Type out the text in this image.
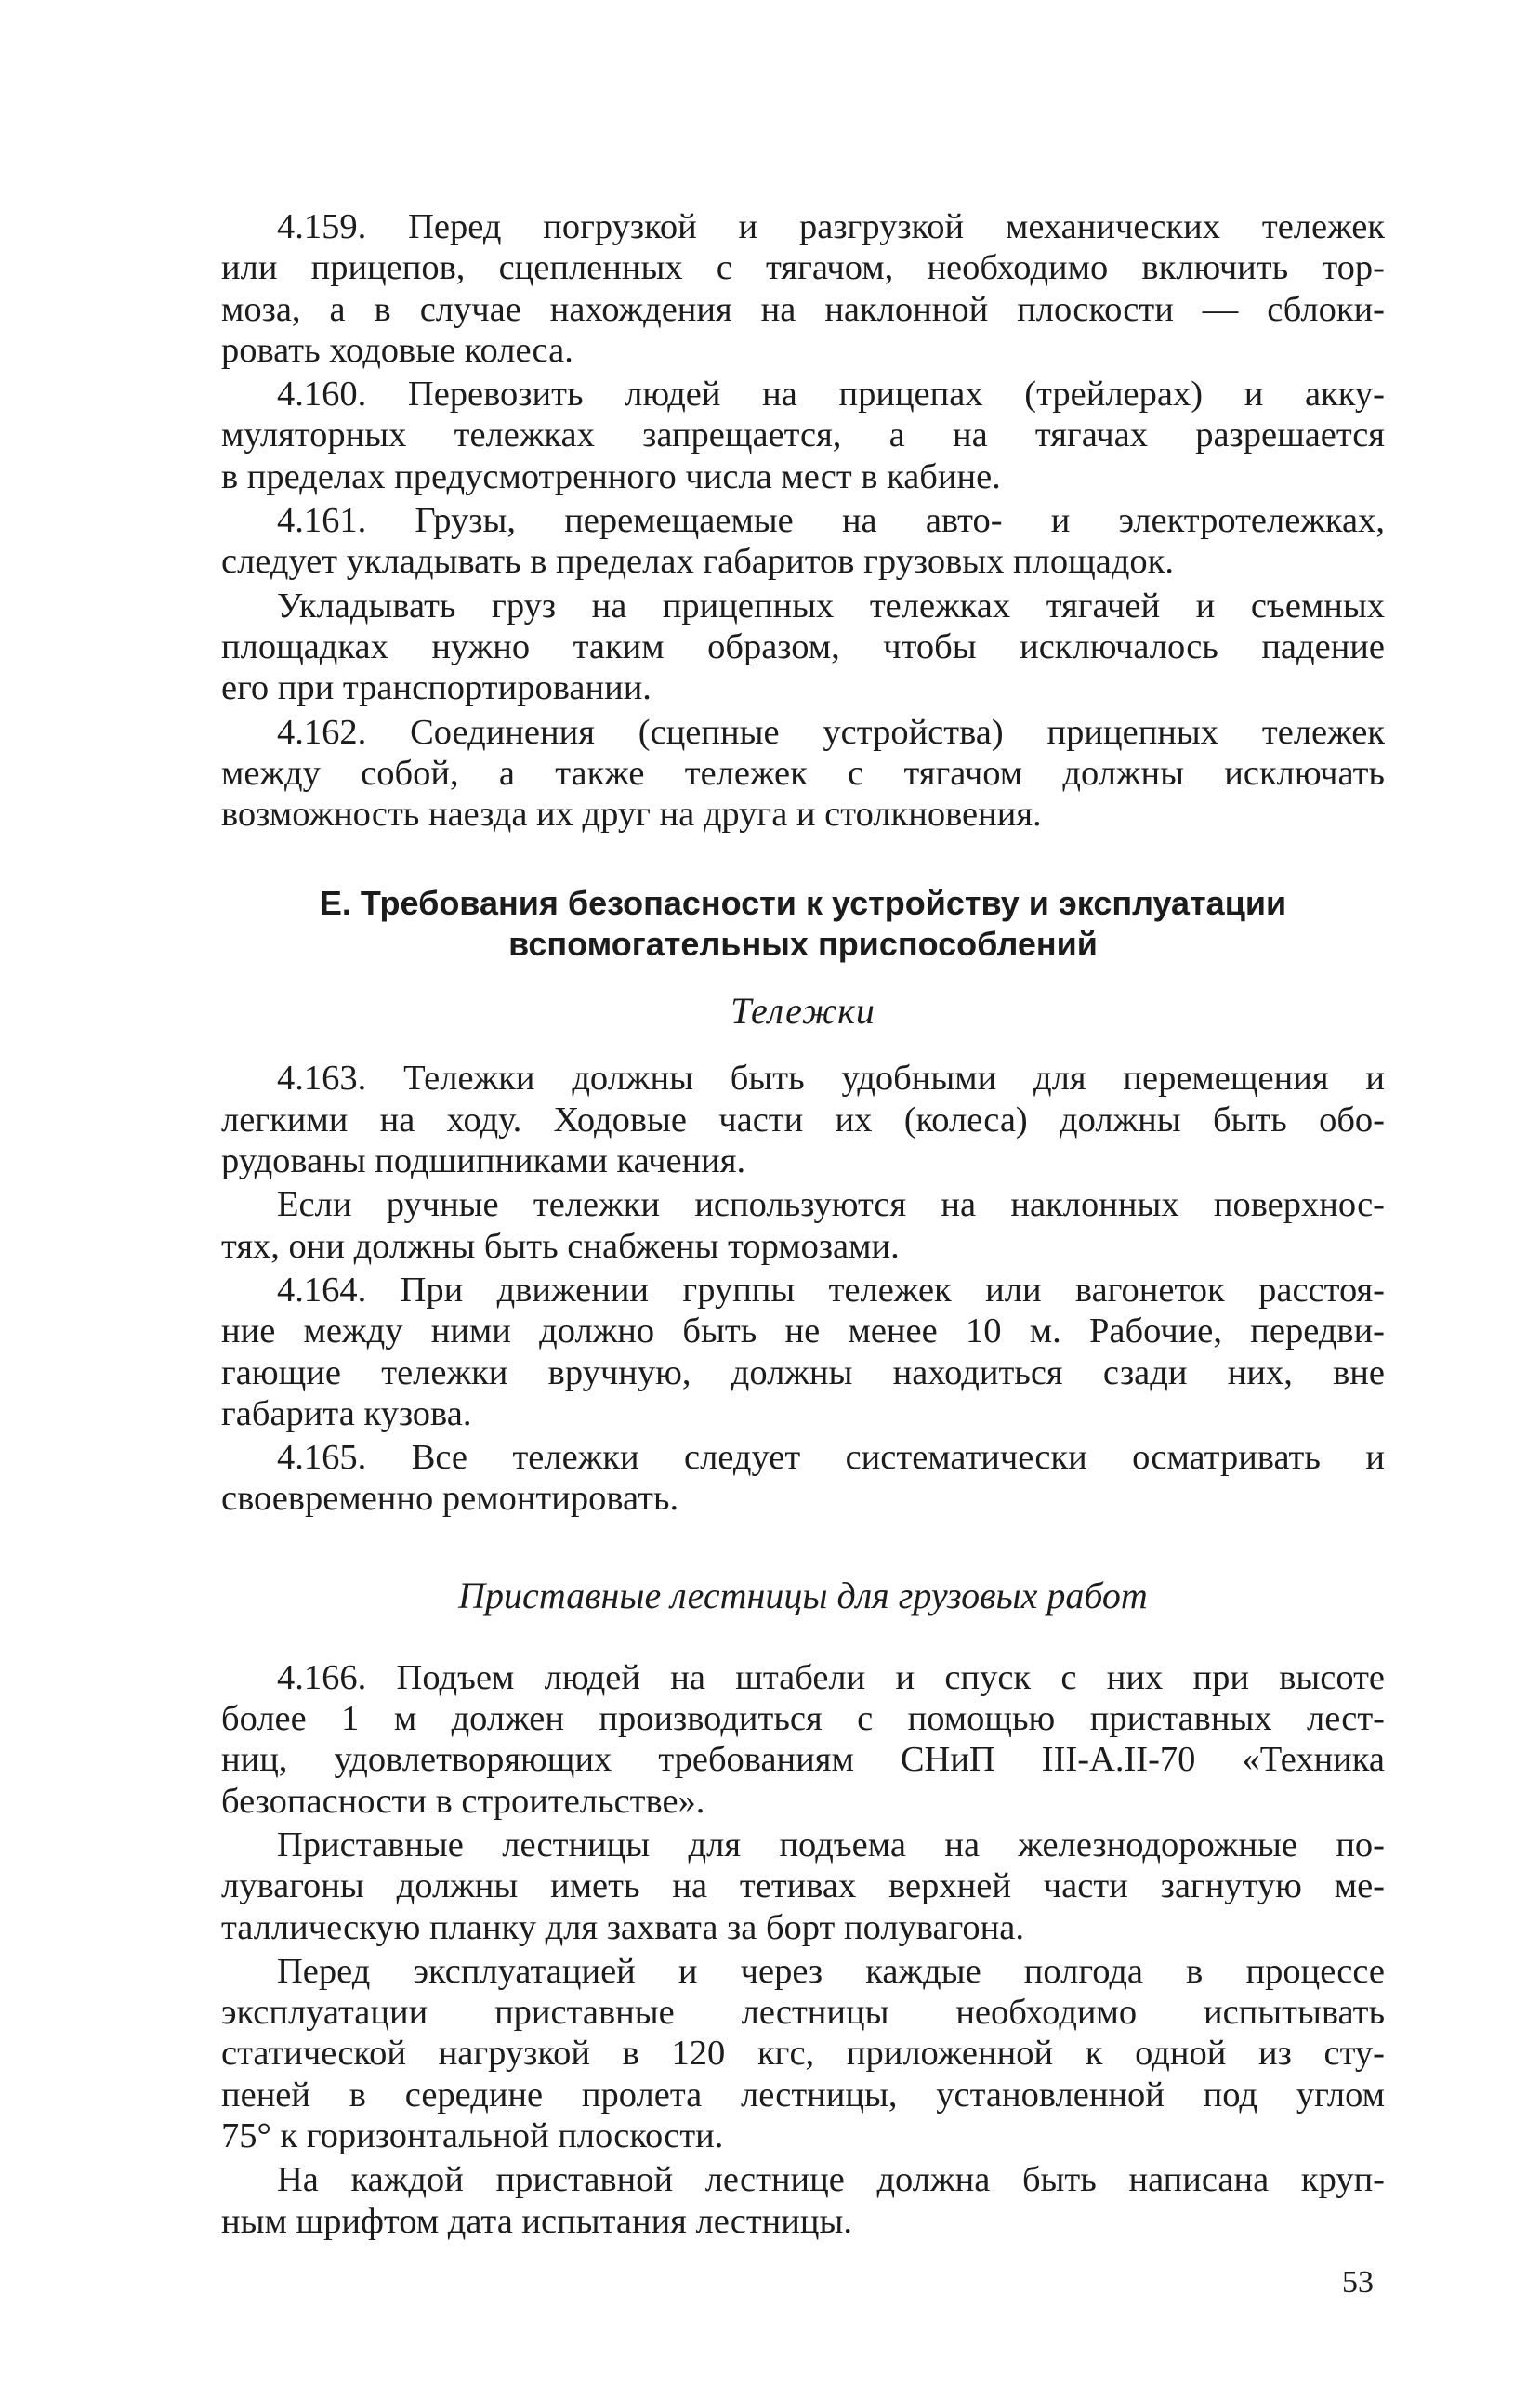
4.159. Перед погрузкой и разгрузкой механических тележек
или прицепов, сцепленных с тягачом, необходимо включить тор-
моза, а в случае нахождения на наклонной плоскости — сблоки-
ровать ходовые колеса.
4.160. Перевозить людей на прицепах (трейлерах) и акку-
муляторных тележках запрещается, а на тягачах разрешается
в пределах предусмотренного числа мест в кабине.
4.161. Грузы, перемещаемые на авто- и электротележках,
следует укладывать в пределах габаритов грузовых площадок.
Укладывать груз на прицепных тележках тягачей и съемных
площадках нужно таким образом, чтобы исключалось падение
его при транспортировании.
4.162. Соединения (сцепные устройства) прицепных тележек
между собой, а также тележек с тягачом должны исключать
возможность наезда их друг на друга и столкновения.
Е. Требования безопасности к устройству и эксплуатации
вспомогательных приспособлений
Тележки
4.163. Тележки должны быть удобными для перемещения и
легкими на ходу. Ходовые части их (колеса) должны быть обо-
рудованы подшипниками качения.
Если ручные тележки используются на наклонных поверхнос-
тях, они должны быть снабжены тормозами.
4.164. При движении группы тележек или вагонеток расстоя-
ние между ними должно быть не менее 10 м. Рабочие, передви-
гающие тележки вручную, должны находиться сзади них, вне
габарита кузова.
4.165. Все тележки следует систематически осматривать и
своевременно ремонтировать.
Приставные лестницы для грузовых работ
4.166. Подъем людей на штабели и спуск с них при высоте
более 1 м должен производиться с помощью приставных лест-
ниц, удовлетворяющих требованиям СНиП III-А.II-70 «Техника
безопасности в строительстве».
Приставные лестницы для подъема на железнодорожные по-
лувагоны должны иметь на тетивах верхней части загнутую ме-
таллическую планку для захвата за борт полувагона.
Перед эксплуатацией и через каждые полгода в процессе
эксплуатации приставные лестницы необходимо испытывать
статической нагрузкой в 120 кгс, приложенной к одной из сту-
пеней в середине пролета лестницы, установленной под углом
75° к горизонтальной плоскости.
На каждой приставной лестнице должна быть написана круп-
ным шрифтом дата испытания лестницы.
53
